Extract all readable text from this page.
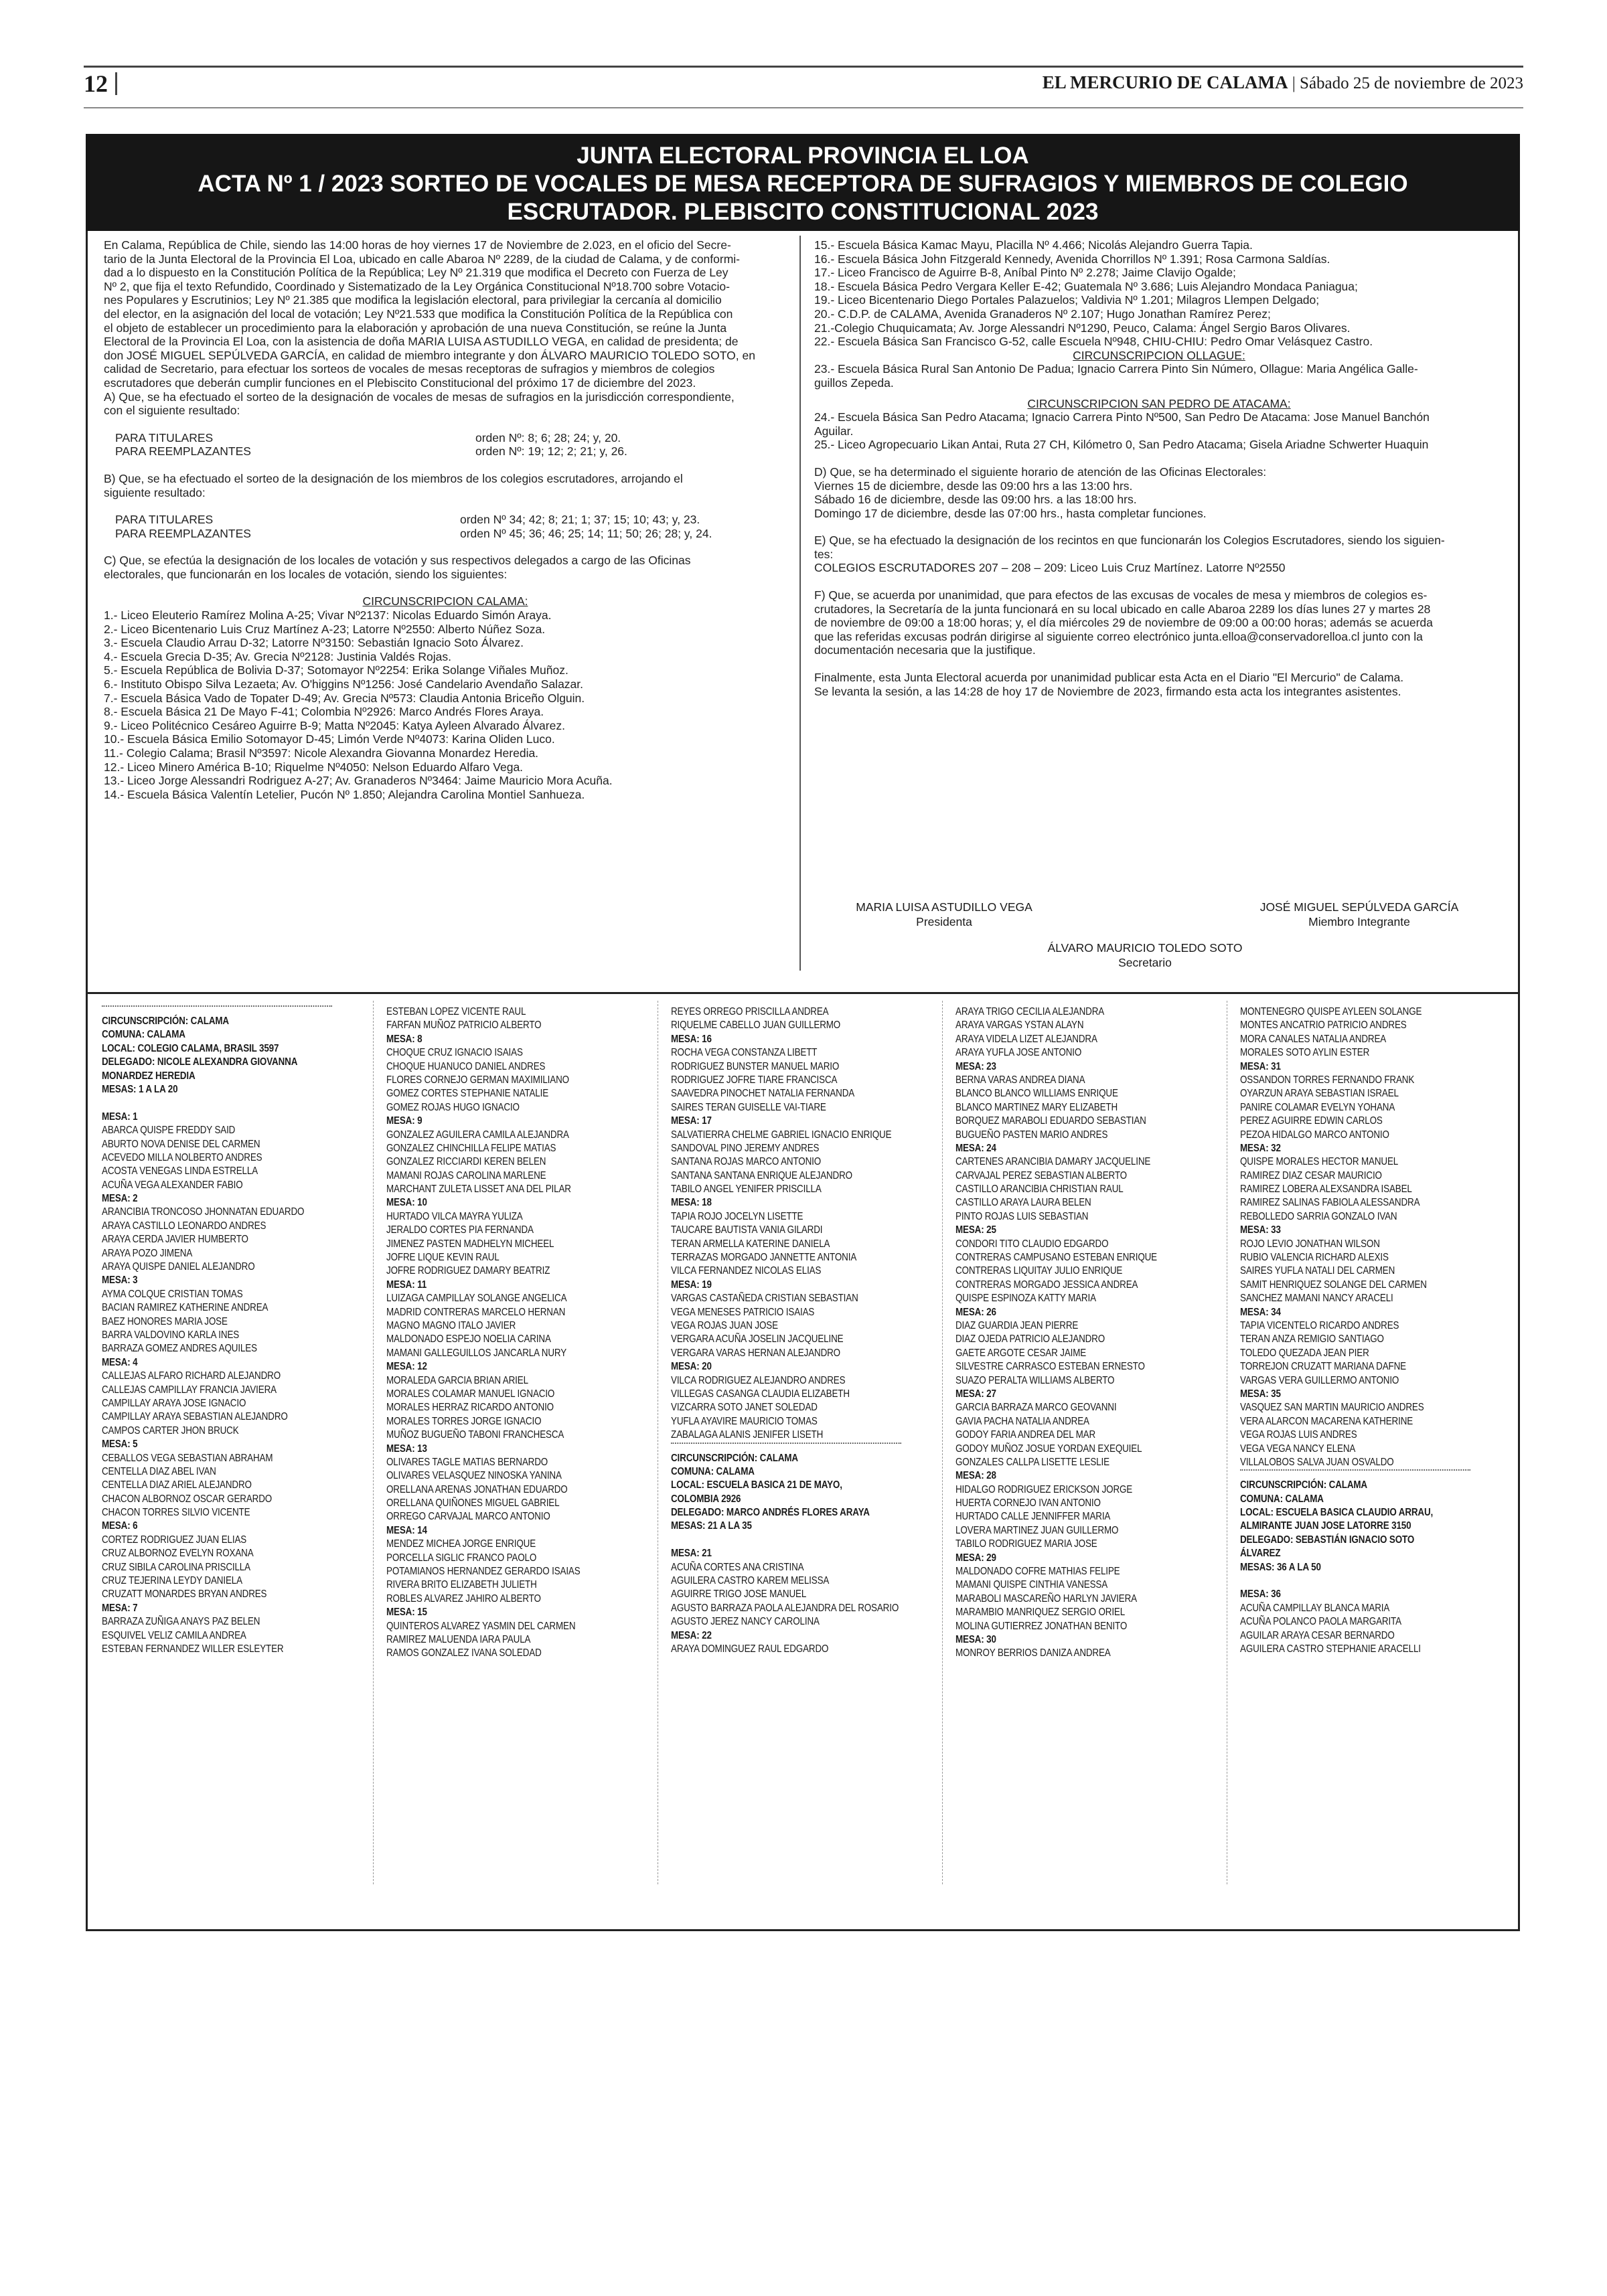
12	EL MERCURIO DE CALAMA | Sábado 25 de noviembre de 2023
JUNTA ELECTORAL PROVINCIA EL LOA
ACTA Nº 1 / 2023 SORTEO DE VOCALES DE MESA RECEPTORA DE SUFRAGIOS Y MIEMBROS DE COLEGIO
ESCRUTADOR. PLEBISCITO CONSTITUCIONAL 2023
En Calama, República de Chile, siendo las 14:00 horas de hoy viernes 17 de Noviembre de 2.023, en el oficio del Secre-
tario de la Junta Electoral de la Provincia El Loa, ubicado en calle Abaroa Nº 2289, de la ciudad de Calama, y de conformi-
dad a lo dispuesto en la Constitución Política de la República; Ley Nº 21.319 que modifica el Decreto con Fuerza de Ley
Nº 2, que fija el texto Refundido, Coordinado y Sistematizado de la Ley Orgánica Constitucional Nº18.700 sobre Votacio-
nes Populares y Escrutinios; Ley Nº 21.385 que modifica la legislación electoral, para privilegiar la cercanía al domicilio
del elector, en la asignación del local de votación; Ley Nº21.533 que modifica la Constitución Política de la República con
el objeto de establecer un procedimiento para la elaboración y aprobación de una nueva Constitución, se reúne la Junta
Electoral de la Provincia El Loa, con la asistencia de doña MARIA LUISA ASTUDILLO VEGA, en calidad de presidenta; de
don JOSÉ MIGUEL SEPÚLVEDA GARCÍA, en calidad de miembro integrante y don ÁLVARO MAURICIO TOLEDO SOTO, en
calidad de Secretario, para efectuar los sorteos de vocales de mesas receptoras de sufragios y miembros de colegios
escrutadores que deberán cumplir funciones en el Plebiscito Constitucional del próximo 17 de diciembre del 2023.
A) Que, se ha efectuado el sorteo de la designación de vocales de mesas de sufragios en la jurisdicción correspondiente,
con el siguiente resultado:
PARA TITULARES	orden Nº: 8; 6; 28; 24; y, 20.
PARA REEMPLAZANTES	orden Nº: 19; 12; 2; 21; y, 26.
B) Que, se ha efectuado el sorteo de la designación de los miembros de los colegios escrutadores, arrojando el
siguiente resultado:
PARA TITULARES	orden Nº 34; 42; 8; 21; 1; 37; 15; 10; 43; y, 23.
PARA REEMPLAZANTES	orden Nº 45; 36; 46; 25; 14; 11; 50; 26; 28; y, 24.
C) Que, se efectúa la designación de los locales de votación y sus respectivos delegados a cargo de las Oficinas
electorales, que funcionarán en los locales de votación, siendo los siguientes:
CIRCUNSCRIPCION CALAMA:
1.- Liceo Eleuterio Ramírez Molina A-25; Vivar Nº2137: Nicolas Eduardo Simón Araya.
2.- Liceo Bicentenario Luis Cruz Martínez A-23; Latorre Nº2550: Alberto Núñez Soza.
3.- Escuela Claudio Arrau D-32; Latorre Nº3150: Sebastián Ignacio Soto Álvarez.
4.- Escuela Grecia D-35; Av. Grecia Nº2128: Justinia Valdés Rojas.
5.- Escuela República de Bolivia D-37; Sotomayor Nº2254: Erika Solange Viñales Muñoz.
6.- Instituto Obispo Silva Lezaeta; Av. O'higgins Nº1256: José Candelario Avendaño Salazar.
7.- Escuela Básica Vado de Topater D-49; Av. Grecia Nº573: Claudia Antonia Briceño Olguin.
8.- Escuela Básica 21 De Mayo F-41; Colombia Nº2926: Marco Andrés Flores Araya.
9.- Liceo Politécnico Cesáreo Aguirre B-9; Matta Nº2045: Katya Ayleen Alvarado Álvarez.
10.- Escuela Básica Emilio Sotomayor D-45; Limón Verde Nº4073: Karina Oliden Luco.
11.- Colegio Calama; Brasil Nº3597: Nicole Alexandra Giovanna Monardez Heredia.
12.- Liceo Minero América B-10; Riquelme Nº4050: Nelson Eduardo Alfaro Vega.
13.- Liceo Jorge Alessandri Rodriguez A-27; Av. Granaderos Nº3464: Jaime Mauricio Mora Acuña.
14.- Escuela Básica Valentín Letelier, Pucón Nº 1.850; Alejandra Carolina Montiel Sanhueza.
15.- Escuela Básica Kamac Mayu, Placilla Nº 4.466; Nicolás Alejandro Guerra Tapia.
16.- Escuela Básica John Fitzgerald Kennedy, Avenida Chorrillos Nº 1.391; Rosa Carmona Saldías.
17.- Liceo Francisco de Aguirre B-8, Aníbal Pinto Nº 2.278; Jaime Clavijo Ogalde;
18.- Escuela Básica Pedro Vergara Keller E-42; Guatemala Nº 3.686; Luis Alejandro Mondaca Paniagua;
19.- Liceo Bicentenario Diego Portales Palazuelos; Valdivia Nº 1.201; Milagros Llempen Delgado;
20.- C.D.P. de CALAMA, Avenida Granaderos Nº 2.107; Hugo Jonathan Ramírez Perez;
21.-Colegio Chuquicamata; Av. Jorge Alessandri Nº1290, Peuco, Calama: Ángel Sergio Baros Olivares.
22.- Escuela Básica San Francisco G-52, calle Escuela Nº948, CHIU-CHIU: Pedro Omar Velásquez Castro.
CIRCUNSCRIPCION OLLAGUE:
23.- Escuela Básica Rural San Antonio De Padua; Ignacio Carrera Pinto Sin Número, Ollague: Maria Angélica Galle-
guillos Zepeda.
CIRCUNSCRIPCION SAN PEDRO DE ATACAMA:
24.- Escuela Básica San Pedro Atacama; Ignacio Carrera Pinto Nº500, San Pedro De Atacama: Jose Manuel Banchón
Aguilar.
25.- Liceo Agropecuario Likan Antai, Ruta 27 CH, Kilómetro 0, San Pedro Atacama; Gisela Ariadne Schwerter Huaquin
D) Que, se ha determinado el siguiente horario de atención de las Oficinas Electorales:
Viernes 15 de diciembre, desde las 09:00 hrs a las 13:00 hrs.
Sábado 16 de diciembre, desde las 09:00 hrs. a las 18:00 hrs.
Domingo 17 de diciembre, desde las 07:00 hrs., hasta completar funciones.
E) Que, se ha efectuado la designación de los recintos en que funcionarán los Colegios Escrutadores, siendo los siguien-
tes:
COLEGIOS ESCRUTADORES 207 – 208 – 209: Liceo Luis Cruz Martínez. Latorre Nº2550
F) Que, se acuerda por unanimidad, que para efectos de las excusas de vocales de mesa y miembros de colegios es-
crutadores, la Secretaría de la junta funcionará en su local ubicado en calle Abaroa 2289 los días lunes 27 y martes 28
de noviembre de 09:00 a 18:00 horas; y, el día miércoles 29 de noviembre de 09:00 a 00:00 horas; además se acuerda
que las referidas excusas podrán dirigirse al siguiente correo electrónico junta.elloa@conservadorelloa.cl junto con la
documentación necesaria que la justifique.
Finalmente, esta Junta Electoral acuerda por unanimidad publicar esta Acta en el Diario "El Mercurio" de Calama.
Se levanta la sesión, a las 14:28 de hoy 17 de Noviembre de 2023, firmando esta acta los integrantes asistentes.
MARIA LUISA ASTUDILLO VEGA
Presidenta
JOSÉ MIGUEL SEPÚLVEDA GARCÍA
Miembro Integrante
ÁLVARO MAURICIO TOLEDO SOTO
Secretario
CIRCUNSCRIPCIÓN: CALAMA
COMUNA: CALAMA
LOCAL: COLEGIO CALAMA, BRASIL 3597
DELEGADO: NICOLE ALEXANDRA GIOVANNA
MONARDEZ HEREDIA
MESAS: 1 A LA 20
MESA: 1
ABARCA QUISPE FREDDY SAID
ABURTO NOVA DENISE DEL CARMEN
ACEVEDO MILLA NOLBERTO ANDRES
ACOSTA VENEGAS LINDA ESTRELLA
ACUÑA VEGA ALEXANDER FABIO
MESA: 2
ARANCIBIA TRONCOSO JHONNATAN EDUARDO
ARAYA CASTILLO LEONARDO ANDRES
ARAYA CERDA JAVIER HUMBERTO
ARAYA POZO JIMENA
ARAYA QUISPE DANIEL ALEJANDRO
MESA: 3
AYMA COLQUE CRISTIAN TOMAS
BACIAN RAMIREZ KATHERINE ANDREA
BAEZ HONORES MARIA JOSE
BARRA VALDOVINO KARLA INES
BARRAZA GOMEZ ANDRES AQUILES
MESA: 4
CALLEJAS ALFARO RICHARD ALEJANDRO
CALLEJAS CAMPILLAY FRANCIA JAVIERA
CAMPILLAY ARAYA JOSE IGNACIO
CAMPILLAY ARAYA SEBASTIAN ALEJANDRO
CAMPOS CARTER JHON BRUCK
MESA: 5
CEBALLOS VEGA SEBASTIAN ABRAHAM
CENTELLA DIAZ ABEL IVAN
CENTELLA DIAZ ARIEL ALEJANDRO
CHACON ALBORNOZ OSCAR GERARDO
CHACON TORRES SILVIO VICENTE
MESA: 6
CORTEZ RODRIGUEZ JUAN ELIAS
CRUZ ALBORNOZ EVELYN ROXANA
CRUZ SIBILA CAROLINA PRISCILLA
CRUZ TEJERINA LEYDY DANIELA
CRUZATT MONARDES BRYAN ANDRES
MESA: 7
BARRAZA ZUÑIGA ANAYS PAZ BELEN
ESQUIVEL VELIZ CAMILA ANDREA
ESTEBAN FERNANDEZ WILLER ESLEYTER
ESTEBAN LOPEZ VICENTE RAUL
FARFAN MUÑOZ PATRICIO ALBERTO
MESA: 8
CHOQUE CRUZ IGNACIO ISAIAS
CHOQUE HUANUCO DANIEL ANDRES
FLORES CORNEJO GERMAN MAXIMILIANO
GOMEZ CORTES STEPHANIE NATALIE
GOMEZ ROJAS HUGO IGNACIO
MESA: 9
GONZALEZ AGUILERA CAMILA ALEJANDRA
GONZALEZ CHINCHILLA FELIPE MATIAS
GONZALEZ RICCIARDI KEREN BELEN
MAMANI ROJAS CAROLINA MARLENE
MARCHANT ZULETA LISSET ANA DEL PILAR
MESA: 10
HURTADO VILCA MAYRA YULIZA
JERALDO CORTES PIA FERNANDA
JIMENEZ PASTEN MADHELYN MICHEEL
JOFRE LIQUE KEVIN RAUL
JOFRE RODRIGUEZ DAMARY BEATRIZ
MESA: 11
LUIZAGA CAMPILLAY SOLANGE ANGELICA
MADRID CONTRERAS MARCELO HERNAN
MAGNO MAGNO ITALO JAVIER
MALDONADO ESPEJO NOELIA CARINA
MAMANI GALLEGUILLOS JANCARLA NURY
MESA: 12
MORALEDA GARCIA BRIAN ARIEL
MORALES COLAMAR MANUEL IGNACIO
MORALES HERRAZ RICARDO ANTONIO
MORALES TORRES JORGE IGNACIO
MUÑOZ BUGUEÑO TABONI FRANCHESCA
MESA: 13
OLIVARES TAGLE MATIAS BERNARDO
OLIVARES VELASQUEZ NINOSKA YANINA
ORELLANA ARENAS JONATHAN EDUARDO
ORELLANA QUIÑONES MIGUEL GABRIEL
ORREGO CARVAJAL MARCO ANTONIO
MESA: 14
MENDEZ MICHEA JORGE ENRIQUE
PORCELLA SIGLIC FRANCO PAOLO
POTAMIANOS HERNANDEZ GERARDO ISAIAS
RIVERA BRITO ELIZABETH JULIETH
ROBLES ALVAREZ JAHIRO ALBERTO
MESA: 15
QUINTEROS ALVAREZ YASMIN DEL CARMEN
RAMIREZ MALUENDA IARA PAULA
RAMOS GONZALEZ IVANA SOLEDAD
REYES ORREGO PRISCILLA ANDREA
RIQUELME CABELLO JUAN GUILLERMO
MESA: 16
ROCHA VEGA CONSTANZA LIBETT
RODRIGUEZ BUNSTER MANUEL MARIO
RODRIGUEZ JOFRE TIARE FRANCISCA
SAAVEDRA PINOCHET NATALIA FERNANDA
SAIRES TERAN GUISELLE VAI-TIARE
MESA: 17
SALVATIERRA CHELME GABRIEL IGNACIO ENRIQUE
SANDOVAL PINO JEREMY ANDRES
SANTANA ROJAS MARCO ANTONIO
SANTANA SANTANA ENRIQUE ALEJANDRO
TABILO ANGEL YENIFER PRISCILLA
MESA: 18
TAPIA ROJO JOCELYN LISETTE
TAUCARE BAUTISTA VANIA GILARDI
TERAN ARMELLA KATERINE DANIELA
TERRAZAS MORGADO JANNETTE ANTONIA
VILCA FERNANDEZ NICOLAS ELIAS
MESA: 19
VARGAS CASTAÑEDA CRISTIAN SEBASTIAN
VEGA MENESES PATRICIO ISAIAS
VEGA ROJAS JUAN JOSE
VERGARA ACUÑA JOSELIN JACQUELINE
VERGARA VARAS HERNAN ALEJANDRO
MESA: 20
VILCA RODRIGUEZ ALEJANDRO ANDRES
VILLEGAS CASANGA CLAUDIA ELIZABETH
VIZCARRA SOTO JANET SOLEDAD
YUFLA AYAVIRE MAURICIO TOMAS
ZABALAGA ALANIS JENIFER LISETH
CIRCUNSCRIPCIÓN: CALAMA
COMUNA: CALAMA
LOCAL: ESCUELA BASICA 21 DE MAYO,
COLOMBIA 2926
DELEGADO: MARCO ANDRÉS FLORES ARAYA
MESAS: 21 A LA 35
MESA: 21
ACUÑA CORTES ANA CRISTINA
AGUILERA CASTRO KAREM MELISSA
AGUIRRE TRIGO JOSE MANUEL
AGUSTO BARRAZA PAOLA ALEJANDRA DEL ROSARIO
AGUSTO JEREZ NANCY CAROLINA
MESA: 22
ARAYA DOMINGUEZ RAUL EDGARDO
ARAYA TRIGO CECILIA ALEJANDRA
ARAYA VARGAS YSTAN ALAYN
ARAYA VIDELA LIZET ALEJANDRA
ARAYA YUFLA JOSE ANTONIO
MESA: 23
BERNA VARAS ANDREA DIANA
BLANCO BLANCO WILLIAMS ENRIQUE
BLANCO MARTINEZ MARY ELIZABETH
BORQUEZ MARABOLI EDUARDO SEBASTIAN
BUGUEÑO PASTEN MARIO ANDRES
MESA: 24
CARTENES ARANCIBIA DAMARY JACQUELINE
CARVAJAL PEREZ SEBASTIAN ALBERTO
CASTILLO ARANCIBIA CHRISTIAN RAUL
CASTILLO ARAYA LAURA BELEN
PINTO ROJAS LUIS SEBASTIAN
MESA: 25
CONDORI TITO CLAUDIO EDGARDO
CONTRERAS CAMPUSANO ESTEBAN ENRIQUE
CONTRERAS LIQUITAY JULIO ENRIQUE
CONTRERAS MORGADO JESSICA ANDREA
QUISPE ESPINOZA KATTY MARIA
MESA: 26
DIAZ GUARDIA JEAN PIERRE
DIAZ OJEDA PATRICIO ALEJANDRO
GAETE ARGOTE CESAR JAIME
SILVESTRE CARRASCO ESTEBAN ERNESTO
SUAZO PERALTA WILLIAMS ALBERTO
MESA: 27
GARCIA BARRAZA MARCO GEOVANNI
GAVIA PACHA NATALIA ANDREA
GODOY FARIA ANDREA DEL MAR
GODOY MUÑOZ JOSUE YORDAN EXEQUIEL
GONZALES CALLPA LISETTE LESLIE
MESA: 28
HIDALGO RODRIGUEZ ERICKSON JORGE
HUERTA CORNEJO IVAN ANTONIO
HURTADO CALLE JENNIFFER MARIA
LOVERA MARTINEZ JUAN GUILLERMO
TABILO RODRIGUEZ MARIA JOSE
MESA: 29
MALDONADO COFRE MATHIAS FELIPE
MAMANI QUISPE CINTHIA VANESSA
MARABOLI MASCAREÑO HARLYN JAVIERA
MARAMBIO MANRIQUEZ SERGIO ORIEL
MOLINA GUTIERREZ JONATHAN BENITO
MESA: 30
MONROY BERRIOS DANIZA ANDREA
MONTENEGRO QUISPE AYLEEN SOLANGE
MONTES ANCATRIO PATRICIO ANDRES
MORA CANALES NATALIA ANDREA
MORALES SOTO AYLIN ESTER
MESA: 31
OSSANDON TORRES FERNANDO FRANK
OYARZUN ARAYA SEBASTIAN ISRAEL
PANIRE COLAMAR EVELYN YOHANA
PEREZ AGUIRRE EDWIN CARLOS
PEZOA HIDALGO MARCO ANTONIO
MESA: 32
QUISPE MORALES HECTOR MANUEL
RAMIREZ DIAZ CESAR MAURICIO
RAMIREZ LOBERA ALEXSANDRA ISABEL
RAMIREZ SALINAS FABIOLA ALESSANDRA
REBOLLEDO SARRIA GONZALO IVAN
MESA: 33
ROJO LEVIO JONATHAN WILSON
RUBIO VALENCIA RICHARD ALEXIS
SAIRES YUFLA NATALI DEL CARMEN
SAMIT HENRIQUEZ SOLANGE DEL CARMEN
SANCHEZ MAMANI NANCY ARACELI
MESA: 34
TAPIA VICENTELO RICARDO ANDRES
TERAN ANZA REMIGIO SANTIAGO
TOLEDO QUEZADA JEAN PIER
TORREJON CRUZATT MARIANA DAFNE
VARGAS VERA GUILLERMO ANTONIO
MESA: 35
VASQUEZ SAN MARTIN MAURICIO ANDRES
VERA ALARCON MACARENA KATHERINE
VEGA ROJAS LUIS ANDRES
VEGA VEGA NANCY ELENA
VILLALOBOS SALVA JUAN OSVALDO
CIRCUNSCRIPCIÓN: CALAMA
COMUNA: CALAMA
LOCAL: ESCUELA BASICA CLAUDIO ARRAU,
ALMIRANTE JUAN JOSE LATORRE 3150
DELEGADO: SEBASTIÁN IGNACIO SOTO
ÁLVAREZ
MESAS: 36 A LA 50
MESA: 36
ACUÑA CAMPILLAY BLANCA MARIA
ACUÑA POLANCO PAOLA MARGARITA
AGUILAR ARAYA CESAR BERNARDO
AGUILERA CASTRO STEPHANIE ARACELLI
